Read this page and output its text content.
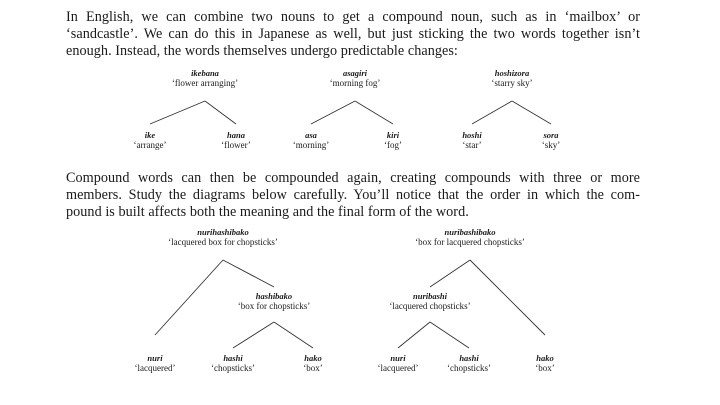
In English, we can combine two nouns to get a compound noun, such as in ‘mailbox’ or
‘sandcastle’. We can do this in Japanese as well, but just sticking the two words together isn’t
enough. Instead, the words themselves undergo predictable changes:
ikebana
‘flower arranging’
ike
‘arrange’
hana
‘flower’
asagiri
‘morning fog’
asa
‘morning’
kiri
‘fog’
hoshizora
‘starry sky’
hoshi
‘star’
sora
‘sky’
Compound words can then be compounded again, creating compounds with three or more
members. Study the diagrams below carefully. You’ll notice that the order in which the com-
pound is built affects both the meaning and the final form of the word.
nurihashibako
‘lacquered box for chopsticks’
hashibako
‘box for chopsticks’
nuri
‘lacquered’
hashi
‘chopsticks’
hako
‘box’
nuribashibako
‘box for lacquered chopsticks’
nuribashi
‘lacquered chopsticks’
nuri
‘lacquered’
hashi
‘chopsticks’
hako
‘box’
